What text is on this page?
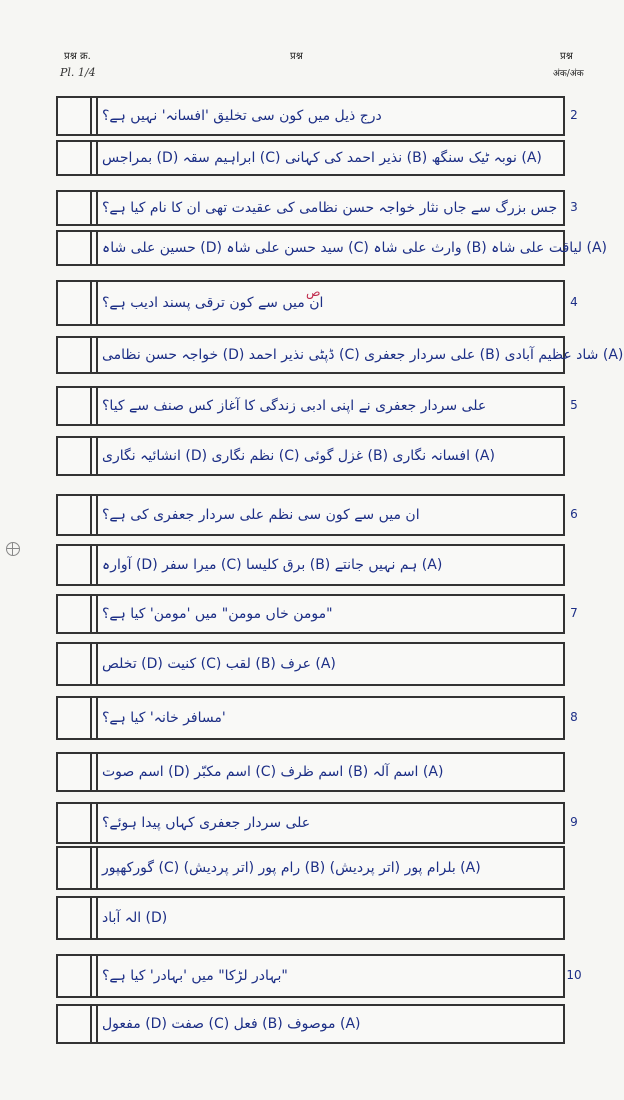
प्रश्न क्र.
Pl. 1/4
प्रश्न	प्रश्न
अंक/अंक
درج ذیل میں کون سی تخلیق 'افسانہ' نہیں ہے؟
(A) نوبہ ٹیک سنگھ (B) نذیر احمد کی کہانی (C) ابراہیم سقہ (D) بمراجس
جس بزرگ سے جاں نثار خواجہ حسن نظامی کی عقیدت تھی ان کا نام کیا ہے؟
(A) لیاقت علی شاہ (B) وارث علی شاہ (C) سید حسن علی شاہ (D) حسین علی شاہ
ان میں سے کون ترقی پسند ادیب ہے؟
(A) شاد عظیم آبادی (B) علی سردار جعفری (C) ڈپٹی نذیر احمد (D) خواجہ حسن نظامی
علی سردار جعفری نے اپنی ادبی زندگی کا آغاز کس صنف سے کیا؟
(A) افسانہ نگاری (B) غزل گوئی (C) نظم نگاری (D) انشائیہ نگاری
ان میں سے کون سی نظم علی سردار جعفری کی ہے؟
(A) ہم نہیں جانتے (B) برق کلیسا (C) میرا سفر (D) آوارہ
"مومن خاں مومن" میں 'مومن' کیا ہے؟
(A) عرف (B) لقب (C) کنیت (D) تخلص
'مسافر خانہ' کیا ہے؟
(A) اسم آلہ (B) اسم ظرف (C) اسم مکبّر (D) اسم صوت
علی سردار جعفری کہاں پیدا ہوئے؟
(A) بلرام پور (اتر پردیش) (B) رام پور (اتر پردیش) (C) گورکھپور
(D) الہ آباد
"بہادر لڑکا" میں 'بہادر' کیا ہے؟
(A) موصوف (B) فعل (C) صفت (D) مفعول
2
3
4
5
6
7
8
9
10
ص
